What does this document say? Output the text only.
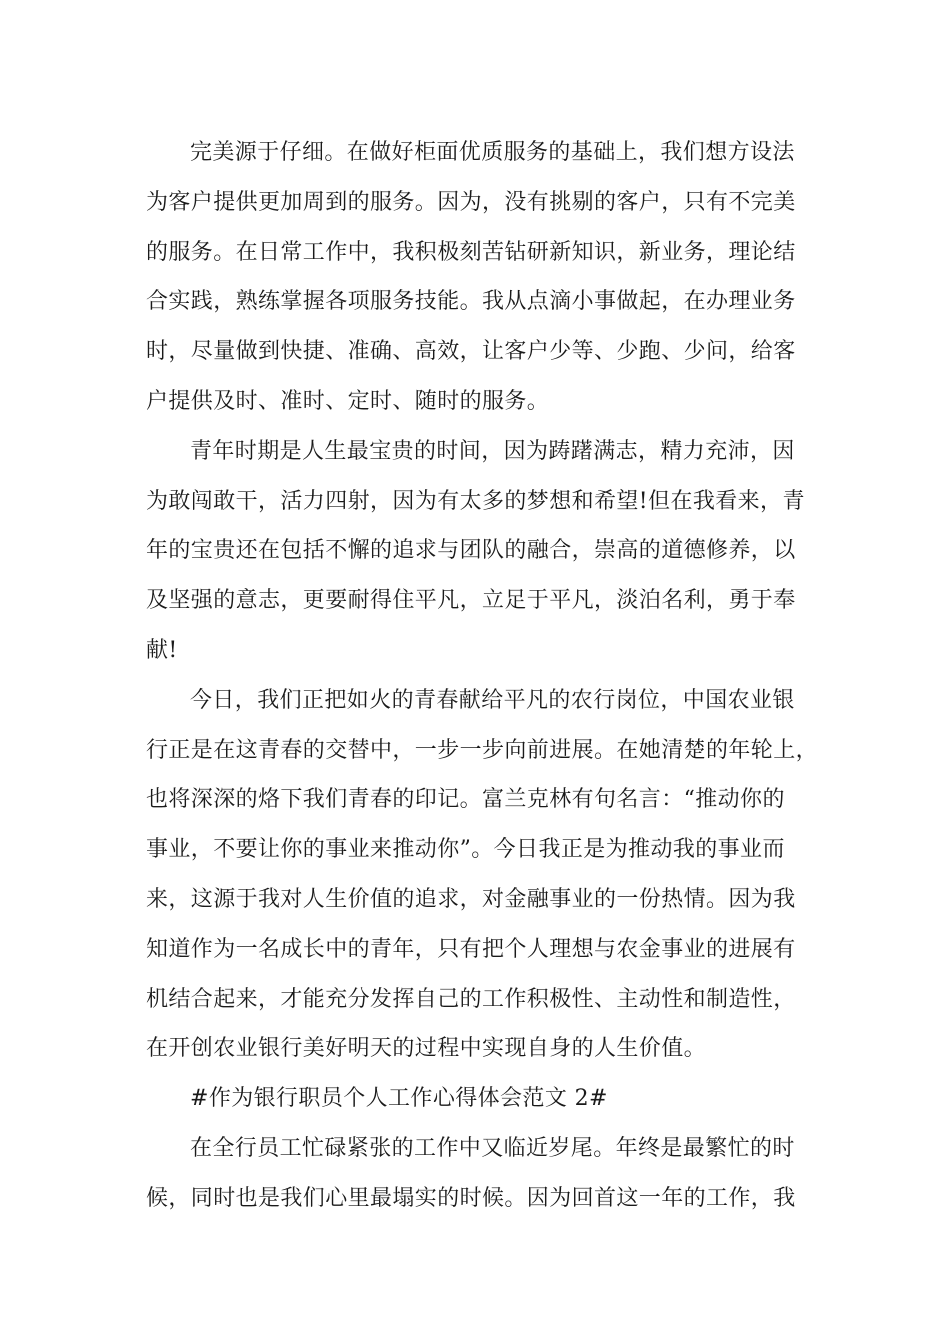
完美源于仔细。在做好柜面优质服务的基础上，我们想方设法
为客户提供更加周到的服务。因为，没有挑剔的客户，只有不完美
的服务。在日常工作中，我积极刻苦钻研新知识，新业务，理论结
合实践，熟练掌握各项服务技能。我从点滴小事做起，在办理业务
时，尽量做到快捷、准确、高效，让客户少等、少跑、少问，给客
户提供及时、准时、定时、随时的服务。
青年时期是人生最宝贵的时间，因为踌躇满志，精力充沛，因
为敢闯敢干，活力四射，因为有太多的梦想和希望!但在我看来，青
年的宝贵还在包括不懈的追求与团队的融合，崇高的道德修养，以
及坚强的意志，更要耐得住平凡，立足于平凡，淡泊名利，勇于奉
献!
今日，我们正把如火的青春献给平凡的农行岗位，中国农业银
行正是在这青春的交替中，一步一步向前进展。在她清楚的年轮上，
也将深深的烙下我们青春的印记。富兰克林有句名言：“推动你的
事业，不要让你的事业来推动你”。今日我正是为推动我的事业而
来，这源于我对人生价值的追求，对金融事业的一份热情。因为我
知道作为一名成长中的青年，只有把个人理想与农金事业的进展有
机结合起来，才能充分发挥自己的工作积极性、主动性和制造性，
在开创农业银行美好明天的过程中实现自身的人生价值。
#作为银行职员个人工作心得体会范文 2#
在全行员工忙碌紧张的工作中又临近岁尾。年终是最繁忙的时
候，同时也是我们心里最塌实的时候。因为回首这一年的工作，我
